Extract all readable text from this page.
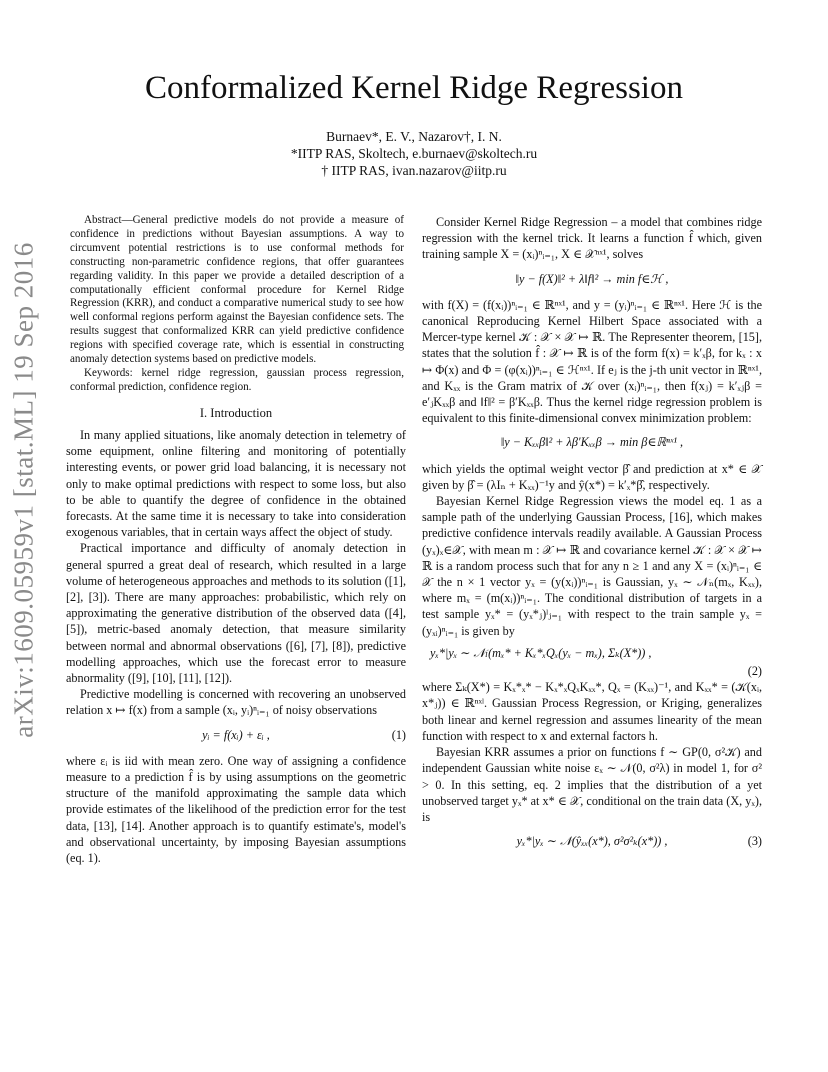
arXiv:1609.05959v1 [stat.ML] 19 Sep 2016
Conformalized Kernel Ridge Regression
Burnaev*, E. V., Nazarov†, I. N.
*IITP RAS, Skoltech, e.burnaev@skoltech.ru
† IITP RAS, ivan.nazarov@iitp.ru

Abstract—General predictive models do not provide a measure of confidence in predictions without Bayesian assumptions. A way to circumvent potential restrictions is to use conformal methods for constructing non-parametric confidence regions, that offer guarantees regarding validity. In this paper we provide a detailed description of a computationally efficient conformal procedure for Kernel Ridge Regression (KRR), and conduct a comparative numerical study to see how well conformal regions perform against the Bayesian confidence sets. The results suggest that conformalized KRR can yield predictive confidence regions with specified coverage rate, which is essential in constructing anomaly detection systems based on predictive models.

Keywords: kernel ridge regression, gaussian process regression, conformal prediction, confidence region.

I. Introduction

In many applied situations, like anomaly detection in telemetry of some equipment, online filtering and monitoring of potentially interesting events, or power grid load balancing, it is necessary not only to make optimal predictions with respect to some loss, but also to be able to quantify the degree of confidence in the obtained forecasts. At the same time it is necessary to take into consideration exogenous variables, that in certain ways affect the object of study.

Practical importance and difficulty of anomaly detection in general spurred a great deal of research, which resulted in a large volume of heterogeneous approaches and methods to its solution ([1], [2], [3]). There are many approaches: probabilistic, which rely on approximating the generative distribution of the observed data ([4], [5]), metric-based anomaly detection, that measure similarity between normal and abnormal observations ([6], [7], [8]), predictive modelling approaches, which use the forecast error to measure abnormality ([9], [10], [11], [12]).

Predictive modelling is concerned with recovering an unobserved relation x ↦ f(x) from a sample (xᵢ, yᵢ)ⁿᵢ₌₁ of noisy observations

yᵢ = f(xᵢ) + εᵢ ,	(1)

where εᵢ is iid with mean zero. One way of assigning a confidence measure to a prediction f̂ is by using assumptions on the geometric structure of the manifold approximating the sample data which provide estimates of the likelihood of the prediction error for the test data, [13], [14]. Another approach is to quantify estimate's, model's and observational uncertainty, by imposing Bayesian assumptions (eq. 1).

Consider Kernel Ridge Regression – a model that combines ridge regression with the kernel trick. It learns a function f̂ which, given training sample X = (xᵢ)ⁿᵢ₌₁, X ∈ 𝒳ⁿˣ¹, solves

‖y − f(X)‖² + λ‖f‖² → min f∈ℋ ,

with f(X) = (f(xᵢ))ⁿᵢ₌₁ ∈ ℝⁿˣ¹, and y = (yᵢ)ⁿᵢ₌₁ ∈ ℝⁿˣ¹. Here ℋ is the canonical Reproducing Kernel Hilbert Space associated with a Mercer-type kernel 𝒦 : 𝒳 × 𝒳 ↦ ℝ. The Representer theorem, [15], states that the solution f̂ : 𝒳 ↦ ℝ is of the form f(x) = k′ₓβ, for kₓ : x ↦ Φ(x) and Φ = (φ(xᵢ))ⁿᵢ₌₁ ∈ ℋⁿˣ¹. If eⱼ is the j-th unit vector in ℝⁿˣ¹, and Kₓₓ is the Gram matrix of 𝒦 over (xᵢ)ⁿᵢ₌₁, then f(xⱼ) = k′ₓⱼβ = e′ⱼKₓₓβ and ‖f‖² = β′Kₓₓβ. Thus the kernel ridge regression problem is equivalent to this finite-dimensional convex minimization problem:

‖y − Kₓₓβ‖² + λβ′Kₓₓβ → min β∈ℝⁿˣ¹ ,

which yields the optimal weight vector β̂ and prediction at x* ∈ 𝒳 given by β̂ = (λIₙ + Kₓₓ)⁻¹y and ŷ(x*) = k′ₓ*β̂, respectively.

Bayesian Kernel Ridge Regression views the model eq. 1 as a sample path of the underlying Gaussian Process, [16], which makes predictive confidence intervals readily available. A Gaussian Process (yₓ)ₓ∈𝒳, with mean m : 𝒳 ↦ ℝ and covariance kernel 𝒦 : 𝒳 × 𝒳 ↦ ℝ is a random process such that for any n ≥ 1 and any X = (xᵢ)ⁿᵢ₌₁ ∈ 𝒳 the n × 1 vector yₓ = (y(xᵢ))ⁿᵢ₌₁ is Gaussian, yₓ ∼ 𝒩ₙ(mₓ, Kₓₓ), where mₓ = (m(xᵢ))ⁿᵢ₌₁. The conditional distribution of targets in a test sample yₓ* = (yₓ*ⱼ)ˡⱼ₌₁ with respect to the train sample yₓ = (yₓᵢ)ⁿᵢ₌₁ is given by

yₓ*|yₓ ∼ 𝒩ₗ(mₓ* + Kₓ*ₓQₓ(yₓ − mₓ), Σₖ(X*)) ,
(2)

where Σₖ(X*) = Kₓ*ₓ* − Kₓ*ₓQₓKₓₓ*, Qₓ = (Kₓₓ)⁻¹, and Kₓₓ* = (𝒦(xᵢ, x*ⱼ)) ∈ ℝⁿˣˡ. Gaussian Process Regression, or Kriging, generalizes both linear and kernel regression and assumes linearity of the mean function with respect to x and external factors h.

Bayesian KRR assumes a prior on functions f ∼ GP(0, σ²𝒦) and independent Gaussian white noise εₓ ∼ 𝒩(0, σ²λ) in model 1, for σ² > 0. In this setting, eq. 2 implies that the distribution of a yet unobserved target yₓ* at x* ∈ 𝒳, conditional on the train data (X, yₓ), is

yₓ*|yₓ ∼ 𝒩(ŷₓₓ(x*), σ²σ²ₖ(x*)) ,	(3)
